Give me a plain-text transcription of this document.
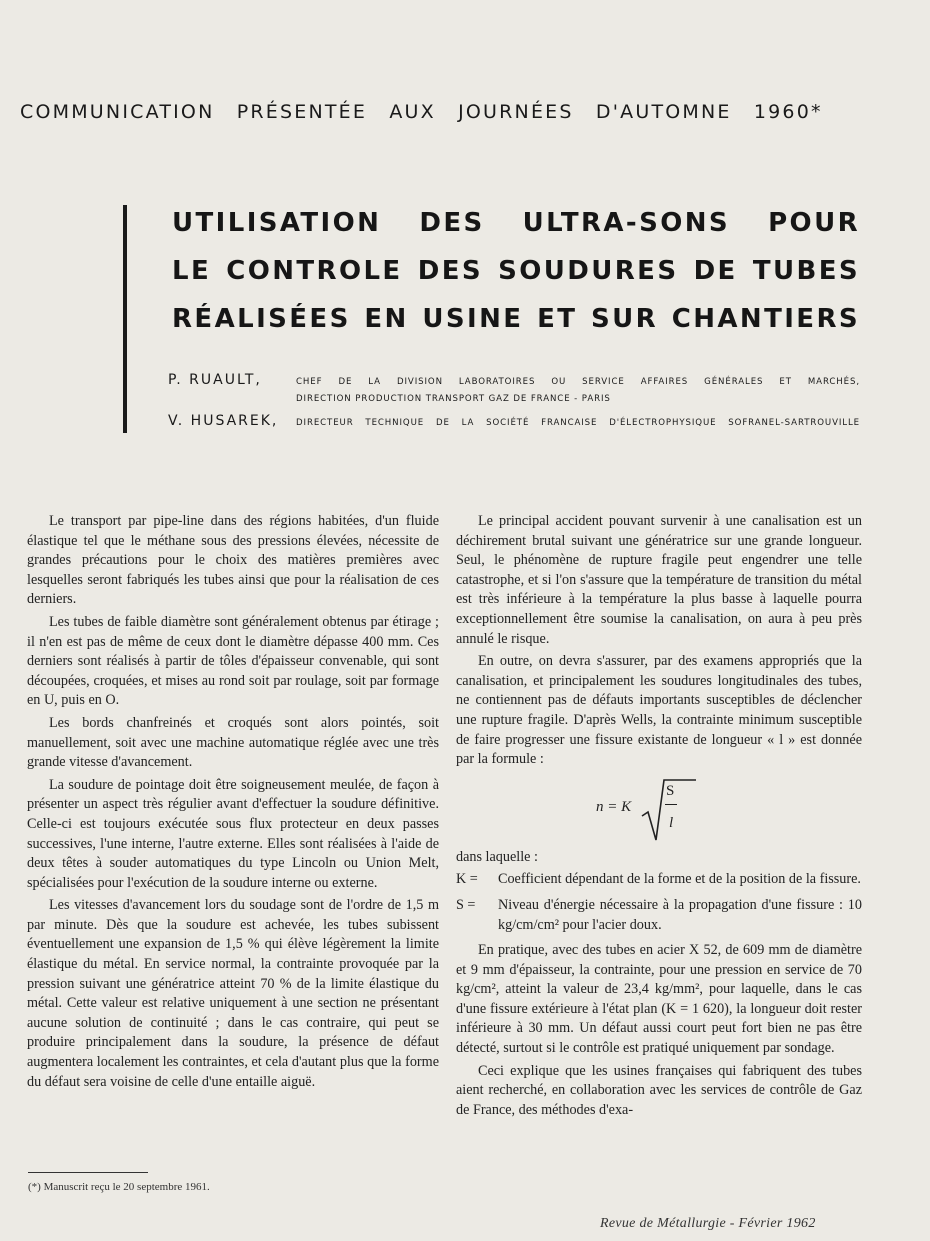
COMMUNICATION PRÉSENTÉE AUX JOURNÉES D'AUTOMNE 1960*
UTILISATION DES ULTRA-SONS POUR
LE CONTROLE DES SOUDURES DE TUBES
RÉALISÉES EN USINE ET SUR CHANTIERS
P. RUAULT,	CHEF DE LA DIVISION LABORATOIRES OU SERVICE AFFAIRES GÉNÉRALES ET MARCHÉS,
DIRECTION PRODUCTION TRANSPORT GAZ DE FRANCE - PARIS
V. HUSAREK,	DIRECTEUR TECHNIQUE DE LA SOCIÉTÉ FRANCAISE D'ÉLECTROPHYSIQUE SOFRANEL-SARTROUVILLE

Le transport par pipe-line dans des régions habitées, d'un fluide élastique tel que le méthane sous des pressions élevées, nécessite de grandes précautions pour le choix des matières premières avec lesquelles seront fabriqués les tubes ainsi que pour la réalisation de ces derniers.

Les tubes de faible diamètre sont généralement obtenus par étirage ; il n'en est pas de même de ceux dont le diamètre dépasse 400 mm. Ces derniers sont réalisés à partir de tôles d'épaisseur convenable, qui sont découpées, croquées, et mises au rond soit par roulage, soit par formage en U, puis en O.

Les bords chanfreinés et croqués sont alors pointés, soit manuellement, soit avec une machine automatique réglée avec une très grande vitesse d'avancement.

La soudure de pointage doit être soigneusement meulée, de façon à présenter un aspect très régulier avant d'effectuer la soudure définitive. Celle-ci est toujours exécutée sous flux protecteur en deux passes successives, l'une interne, l'autre externe. Elles sont réalisées à l'aide de deux têtes à souder automatiques du type Lincoln ou Union Melt, spécialisées pour l'exécution de la soudure interne ou externe.

Les vitesses d'avancement lors du soudage sont de l'ordre de 1,5 m par minute. Dès que la soudure est achevée, les tubes subissent éventuellement une expansion de 1,5 % qui élève légèrement la limite élastique du métal. En service normal, la contrainte provoquée par la pression suivant une génératrice atteint 70 % de la limite élastique du métal. Cette valeur est relative uniquement à une section ne présentant aucune solution de continuité ; dans le cas contraire, qui peut se produire principalement dans la soudure, la présence de défaut augmentera localement les contraintes, et cela d'autant plus que la forme du défaut sera voisine de celle d'une entaille aiguë.

Le principal accident pouvant survenir à une canalisation est un déchirement brutal suivant une génératrice sur une grande longueur. Seul, le phénomène de rupture fragile peut engendrer une telle catastrophe, et si l'on s'assure que la température de transition du métal est très inférieure à la température la plus basse à laquelle pourra exceptionnellement être soumise la canalisation, on aura à peu près annulé le risque.

En outre, on devra s'assurer, par des examens appropriés que la canalisation, et principalement les soudures longitudinales des tubes, ne contiennent pas de défauts importants susceptibles de déclencher une rupture fragile. D'après Wells, la contrainte minimum susceptible de faire progresser une fissure existante de longueur « l » est donnée par la formule :

n = K
S
l

dans laquelle :

K =	Coefficient dépendant de la forme et de la position de la fissure.
S =	Niveau d'énergie nécessaire à la propagation d'une fissure : 10 kg/cm/cm² pour l'acier doux.

En pratique, avec des tubes en acier X 52, de 609 mm de diamètre et 9 mm d'épaisseur, la contrainte, pour une pression en service de 70 kg/cm², atteint la valeur de 23,4 kg/mm², pour laquelle, dans le cas d'une fissure extérieure à l'état plan (K = 1 620), la longueur doit rester inférieure à 30 mm. Un défaut aussi court peut fort bien ne pas être détecté, surtout si le contrôle est pratiqué uniquement par sondage.

Ceci explique que les usines françaises qui fabriquent des tubes aient recherché, en collaboration avec les services de contrôle de Gaz de France, des méthodes d'exa-

(*) Manuscrit reçu le 20 septembre 1961.
Revue de Métallurgie - Février 1962
